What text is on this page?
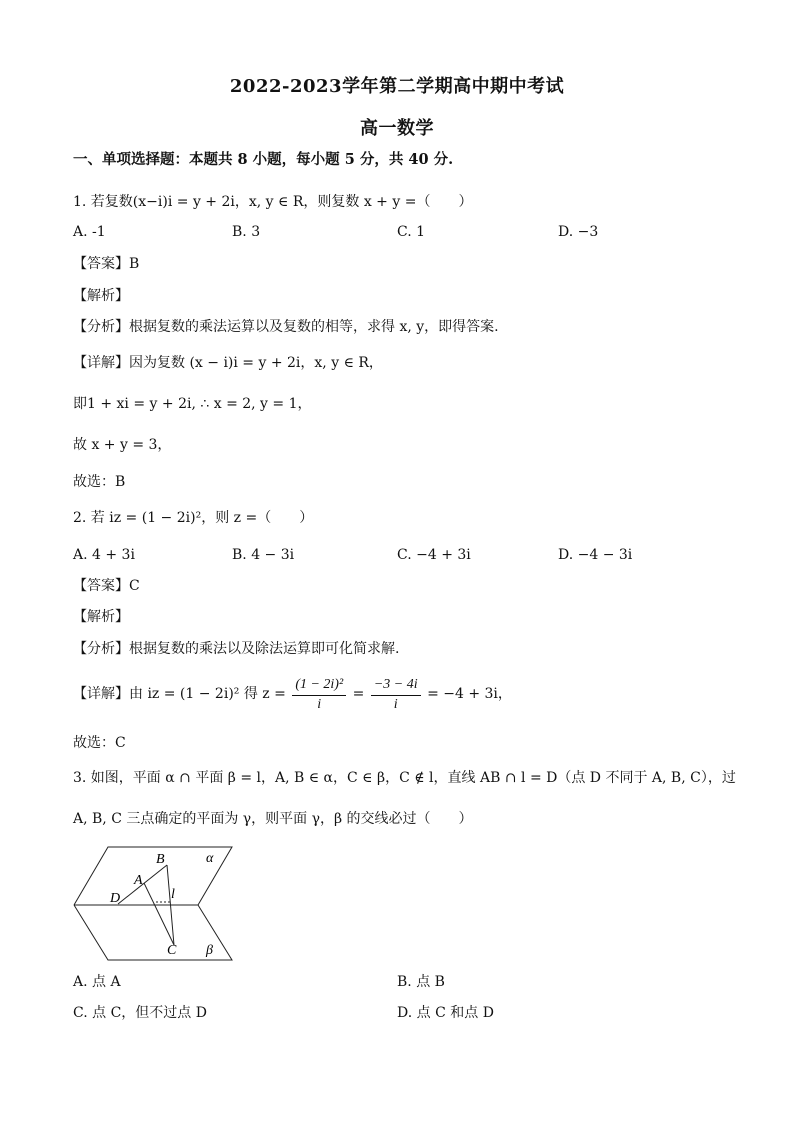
2022-2023学年第二学期高中期中考试
高一数学
一、单项选择题：本题共 8 小题，每小题 5 分，共 40 分.
1. 若复数(x−i)i = y + 2i，x, y ∈ R，则复数 x + y =（　　）
A. -1	B. 3	C. 1	D. −3
【答案】B
【解析】
【分析】根据复数的乘法运算以及复数的相等，求得 x, y，即得答案.
【详解】因为复数 (x − i)i = y + 2i，x, y ∈ R，
即1 + xi = y + 2i, ∴ x = 2, y = 1，
故 x + y = 3，
故选：B
2. 若 iz = (1 − 2i)²，则 z =（　　）
A. 4 + 3i	B. 4 − 3i	C. −4 + 3i	D. −4 − 3i
【答案】C
【解析】
【分析】根据复数的乘法以及除法运算即可化简求解.
【详解】由 iz = (1 − 2i)² 得 $z = \frac{\text{(1 − 2i)²}}{i} = \frac{-3 - 4i}{i} = -4 + 3i$，
故选：C
3. 如图，平面 α ∩ 平面 β = l，A, B ∈ α，C ∈ β，C ∉ l，直线 AB ∩ l = D（点 D 不同于 A, B, C），过
A, B, C 三点确定的平面为 γ，则平面 γ，β 的交线必过（　　）
B	α
A
D	l
C β
A. 点 A	B. 点 B
C. 点 C，但不过点 D	D. 点 C 和点 D
